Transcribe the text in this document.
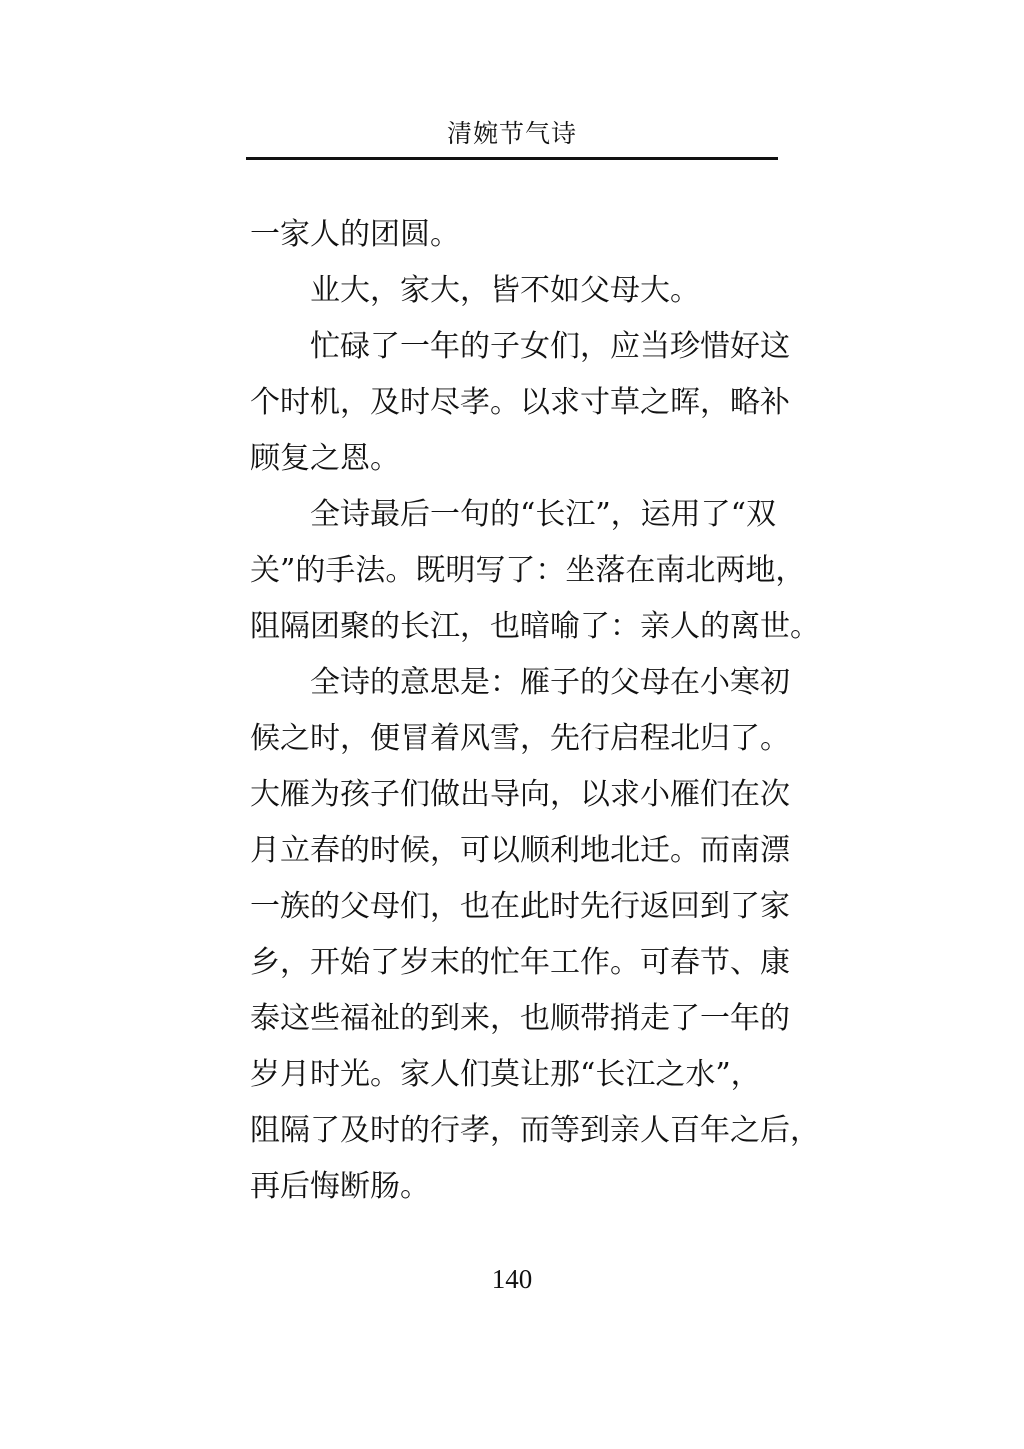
清婉节气诗
一家人的团圆。
业大，家大，皆不如父母大。
忙碌了一年的子女们，应当珍惜好这
个时机，及时尽孝。以求寸草之晖，略补
顾复之恩。
全诗最后一句的“长江”，运用了“双
关”的手法。既明写了：坐落在南北两地，
阻隔团聚的长江，也暗喻了：亲人的离世。
全诗的意思是：雁子的父母在小寒初
候之时，便冒着风雪，先行启程北归了。
大雁为孩子们做出导向，以求小雁们在次
月立春的时候，可以顺利地北迁。而南漂
一族的父母们，也在此时先行返回到了家
乡，开始了岁末的忙年工作。可春节、康
泰这些福祉的到来，也顺带捎走了一年的
岁月时光。家人们莫让那“长江之水”，
阻隔了及时的行孝，而等到亲人百年之后，
再后悔断肠。
140
